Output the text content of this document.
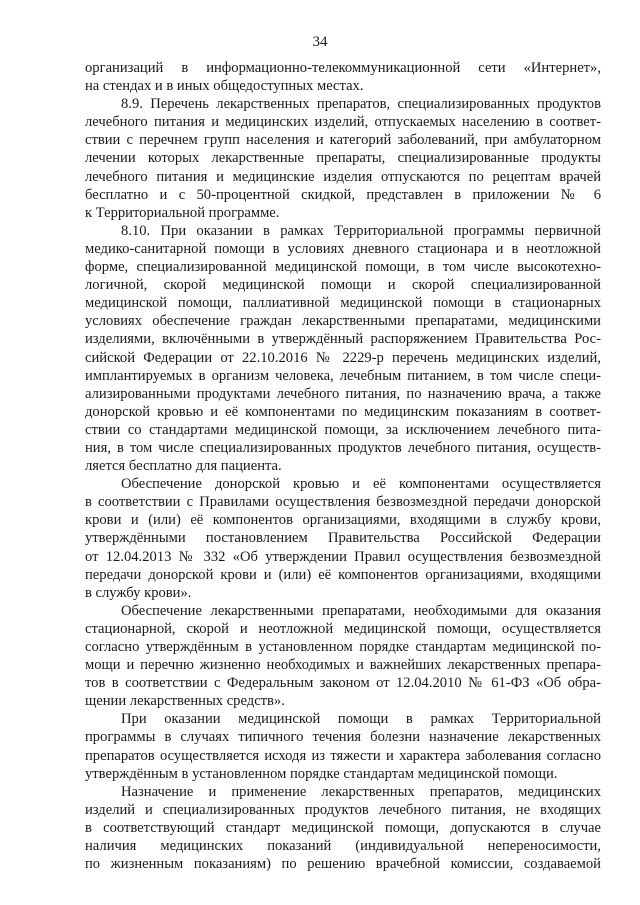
34
организаций в информационно-телекоммуникационной сети «Интернет»,
на стендах и в иных общедоступных местах.
8.9. Перечень лекарственных препаратов, специализированных продуктов
лечебного питания и медицинских изделий, отпускаемых населению в соответ-
ствии с перечнем групп населения и категорий заболеваний, при амбулаторном
лечении которых лекарственные препараты, специализированные продукты
лечебного питания и медицинские изделия отпускаются по рецептам врачей
бесплатно и с 50-процентной скидкой, представлен в приложении № 6
к Территориальной программе.
8.10. При оказании в рамках Территориальной программы первичной
медико-санитарной помощи в условиях дневного стационара и в неотложной
форме, специализированной медицинской помощи, в том числе высокотехно-
логичной, скорой медицинской помощи и скорой специализированной
медицинской помощи, паллиативной медицинской помощи в стационарных
условиях обеспечение граждан лекарственными препаратами, медицинскими
изделиями, включёнными в утверждённый распоряжением Правительства Рос-
сийской Федерации от 22.10.2016 № 2229-р перечень медицинских изделий,
имплантируемых в организм человека, лечебным питанием, в том числе специ-
ализированными продуктами лечебного питания, по назначению врача, а также
донорской кровью и её компонентами по медицинским показаниям в соответ-
ствии со стандартами медицинской помощи, за исключением лечебного пита-
ния, в том числе специализированных продуктов лечебного питания, осуществ-
ляется бесплатно для пациента.
Обеспечение донорской кровью и её компонентами осуществляется
в соответствии с Правилами осуществления безвозмездной передачи донорской
крови и (или) её компонентов организациями, входящими в службу крови,
утверждёнными постановлением Правительства Российской Федерации
от 12.04.2013 № 332 «Об утверждении Правил осуществления безвозмездной
передачи донорской крови и (или) её компонентов организациями, входящими
в службу крови».
Обеспечение лекарственными препаратами, необходимыми для оказания
стационарной, скорой и неотложной медицинской помощи, осуществляется
согласно утверждённым в установленном порядке стандартам медицинской по-
мощи и перечню жизненно необходимых и важнейших лекарственных препара-
тов в соответствии с Федеральным законом от 12.04.2010 № 61-ФЗ «Об обра-
щении лекарственных средств».
При оказании медицинской помощи в рамках Территориальной
программы в случаях типичного течения болезни назначение лекарственных
препаратов осуществляется исходя из тяжести и характера заболевания согласно
утверждённым в установленном порядке стандартам медицинской помощи.
Назначение и применение лекарственных препаратов, медицинских
изделий и специализированных продуктов лечебного питания, не входящих
в соответствующий стандарт медицинской помощи, допускаются в случае
наличия медицинских показаний (индивидуальной непереносимости,
по жизненным показаниям) по решению врачебной комиссии, создаваемой
